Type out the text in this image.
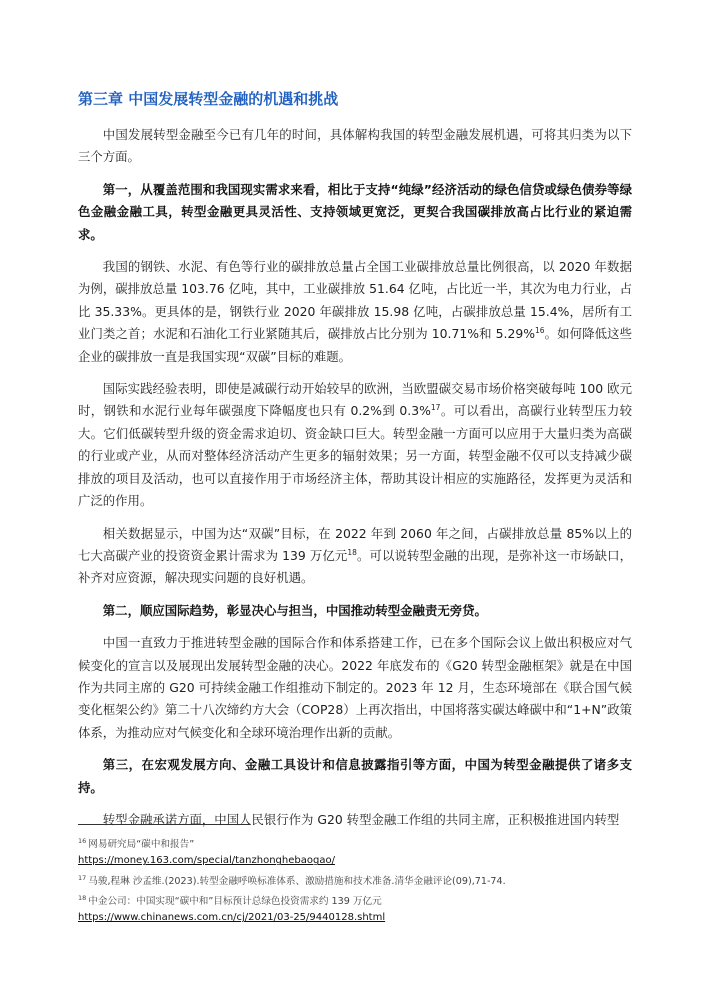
第三章 中国发展转型金融的机遇和挑战

中国发展转型金融至今已有几年的时间，具体解构我国的转型金融发展机遇，可将其归类为以下三个方面。

第一，从覆盖范围和我国现实需求来看，相比于支持“纯绿”经济活动的绿色信贷或绿色债券等绿色金融金融工具，转型金融更具灵活性、支持领域更宽泛，更契合我国碳排放高占比行业的紧迫需求。

我国的钢铁、水泥、有色等行业的碳排放总量占全国工业碳排放总量比例很高，以 2020 年数据为例，碳排放总量 103.76 亿吨，其中，工业碳排放 51.64 亿吨，占比近一半，其次为电力行业，占比 35.33%。更具体的是，钢铁行业 2020 年碳排放 15.98 亿吨，占碳排放总量 15.4%，居所有工业门类之首；水泥和石油化工行业紧随其后，碳排放占比分别为 10.71%和 5.29%$^{16}$。如何降低这些企业的碳排放一直是我国实现“双碳”目标的难题。

国际实践经验表明，即使是减碳行动开始较早的欧洲，当欧盟碳交易市场价格突破每吨 100 欧元时，钢铁和水泥行业每年碳强度下降幅度也只有 0.2%到 0.3%$^{17}$。可以看出，高碳行业转型压力较大。它们低碳转型升级的资金需求迫切、资金缺口巨大。转型金融一方面可以应用于大量归类为高碳的行业或产业，从而对整体经济活动产生更多的辐射效果；另一方面，转型金融不仅可以支持减少碳排放的项目及活动，也可以直接作用于市场经济主体，帮助其设计相应的实施路径，发挥更为灵活和广泛的作用。

相关数据显示，中国为达“双碳”目标，在 2022 年到 2060 年之间，占碳排放总量 85%以上的七大高碳产业的投资资金累计需求为 139 万亿元$^{18}$。可以说转型金融的出现，是弥补这一市场缺口，补齐对应资源，解决现实问题的良好机遇。

第二，顺应国际趋势，彰显决心与担当，中国推动转型金融责无旁贷。

中国一直致力于推进转型金融的国际合作和体系搭建工作，已在多个国际会议上做出积极应对气候变化的宣言以及展现出发展转型金融的决心。2022 年底发布的《G20 转型金融框架》就是在中国作为共同主席的 G20 可持续金融工作组推动下制定的。2023 年 12 月，生态环境部在《联合国气候变化框架公约》第二十八次缔约方大会（COP28）上再次指出，中国将落实碳达峰碳中和“1+N”政策体系，为推动应对气候变化和全球环境治理作出新的贡献。

第三，在宏观发展方向、金融工具设计和信息披露指引等方面，中国为转型金融提供了诸多支持。

转型金融承诺方面，中国人民银行作为 G20 转型金融工作组的共同主席，正积极推进国内转型

$^{16}$ 网易研究局“碳中和报告”

https://money.163.com/special/tanzhonghebaogao/

$^{17}$ 马骏,程琳 沙孟维.(2023).转型金融呼唤标准体系、激励措施和技术准备.清华金融评论(09),71-74.

$^{18}$ 中金公司：中国实现“碳中和”目标预计总绿色投资需求约 139 万亿元

https://www.chinanews.com.cn/cj/2021/03-25/9440128.shtml
